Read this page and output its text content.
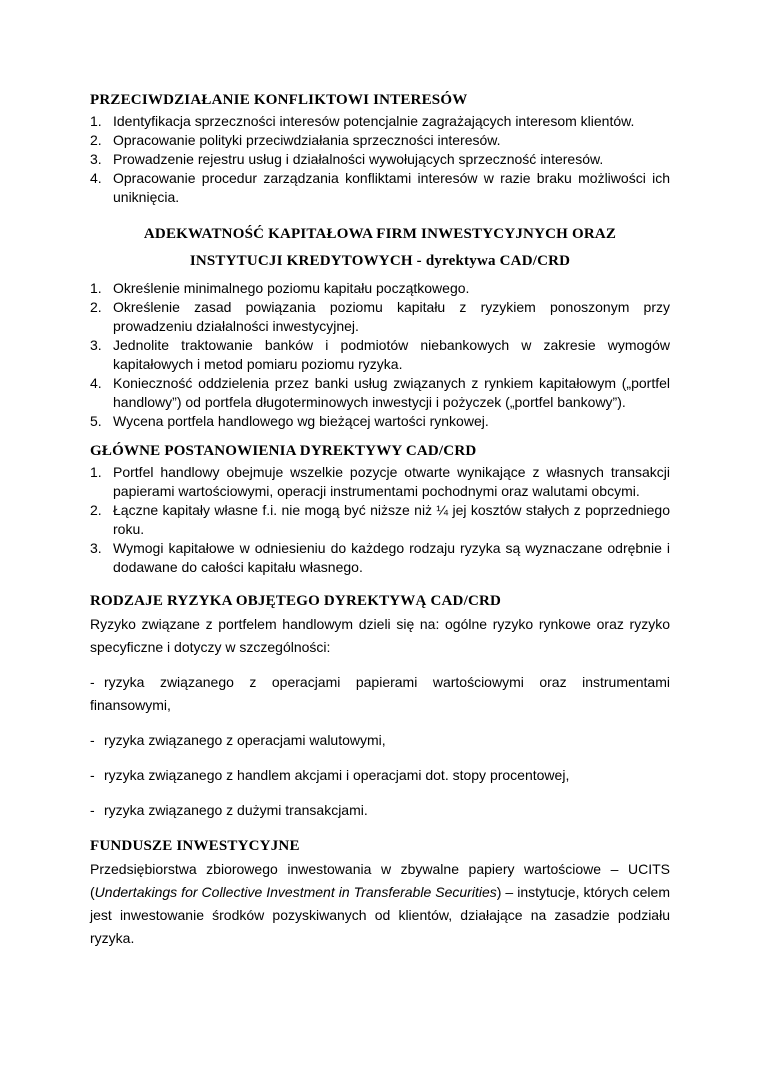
PRZECIWDZIAŁANIE KONFLIKTOWI INTERESÓW
1. Identyfikacja sprzeczności interesów potencjalnie zagrażających interesom klientów.
2. Opracowanie polityki przeciwdziałania sprzeczności interesów.
3. Prowadzenie rejestru usług i działalności wywołujących sprzeczność interesów.
4. Opracowanie procedur zarządzania konfliktami interesów w razie braku możliwości ich uniknięcia.
ADEKWATNOŚĆ KAPITAŁOWA FIRM INWESTYCYJNYCH ORAZ
INSTYTUCJI KREDYTOWYCH - dyrektywa CAD/CRD
1. Określenie minimalnego poziomu kapitału początkowego.
2. Określenie zasad powiązania poziomu kapitału z ryzykiem ponoszonym przy prowadzeniu działalności inwestycyjnej.
3. Jednolite traktowanie banków i podmiotów niebankowych w zakresie wymogów kapitałowych i metod pomiaru poziomu ryzyka.
4. Konieczność oddzielenia przez banki usług związanych z rynkiem kapitałowym („portfel handlowy”) od portfela długoterminowych inwestycji i pożyczek („portfel bankowy”).
5. Wycena portfela handlowego wg bieżącej wartości rynkowej.
GŁÓWNE POSTANOWIENIA DYREKTYWY CAD/CRD
1. Portfel handlowy obejmuje wszelkie pozycje otwarte wynikające z własnych transakcji papierami wartościowymi, operacji instrumentami pochodnymi oraz walutami obcymi.
2. Łączne kapitały własne f.i. nie mogą być niższe niż ¼ jej kosztów stałych z poprzedniego roku.
3. Wymogi kapitałowe w odniesieniu do każdego rodzaju ryzyka są wyznaczane odrębnie i dodawane do całości kapitału własnego.
RODZAJE RYZYKA OBJĘTEGO DYREKTYWĄ CAD/CRD

Ryzyko związane z portfelem handlowym dzieli się na: ogólne ryzyko rynkowe oraz ryzyko specyficzne i dotyczy w szczególności:

- ryzyka związanego z operacjami papierami wartościowymi oraz instrumentami finansowymi,

- ryzyka związanego z operacjami walutowymi,

- ryzyka związanego z handlem akcjami i operacjami dot. stopy procentowej,

- ryzyka związanego z dużymi transakcjami.

FUNDUSZE INWESTYCYJNE

Przedsiębiorstwa zbiorowego inwestowania w zbywalne papiery wartościowe – UCITS (Undertakings for Collective Investment in Transferable Securities) – instytucje, których celem jest inwestowanie środków pozyskiwanych od klientów, działające na zasadzie podziału ryzyka.
